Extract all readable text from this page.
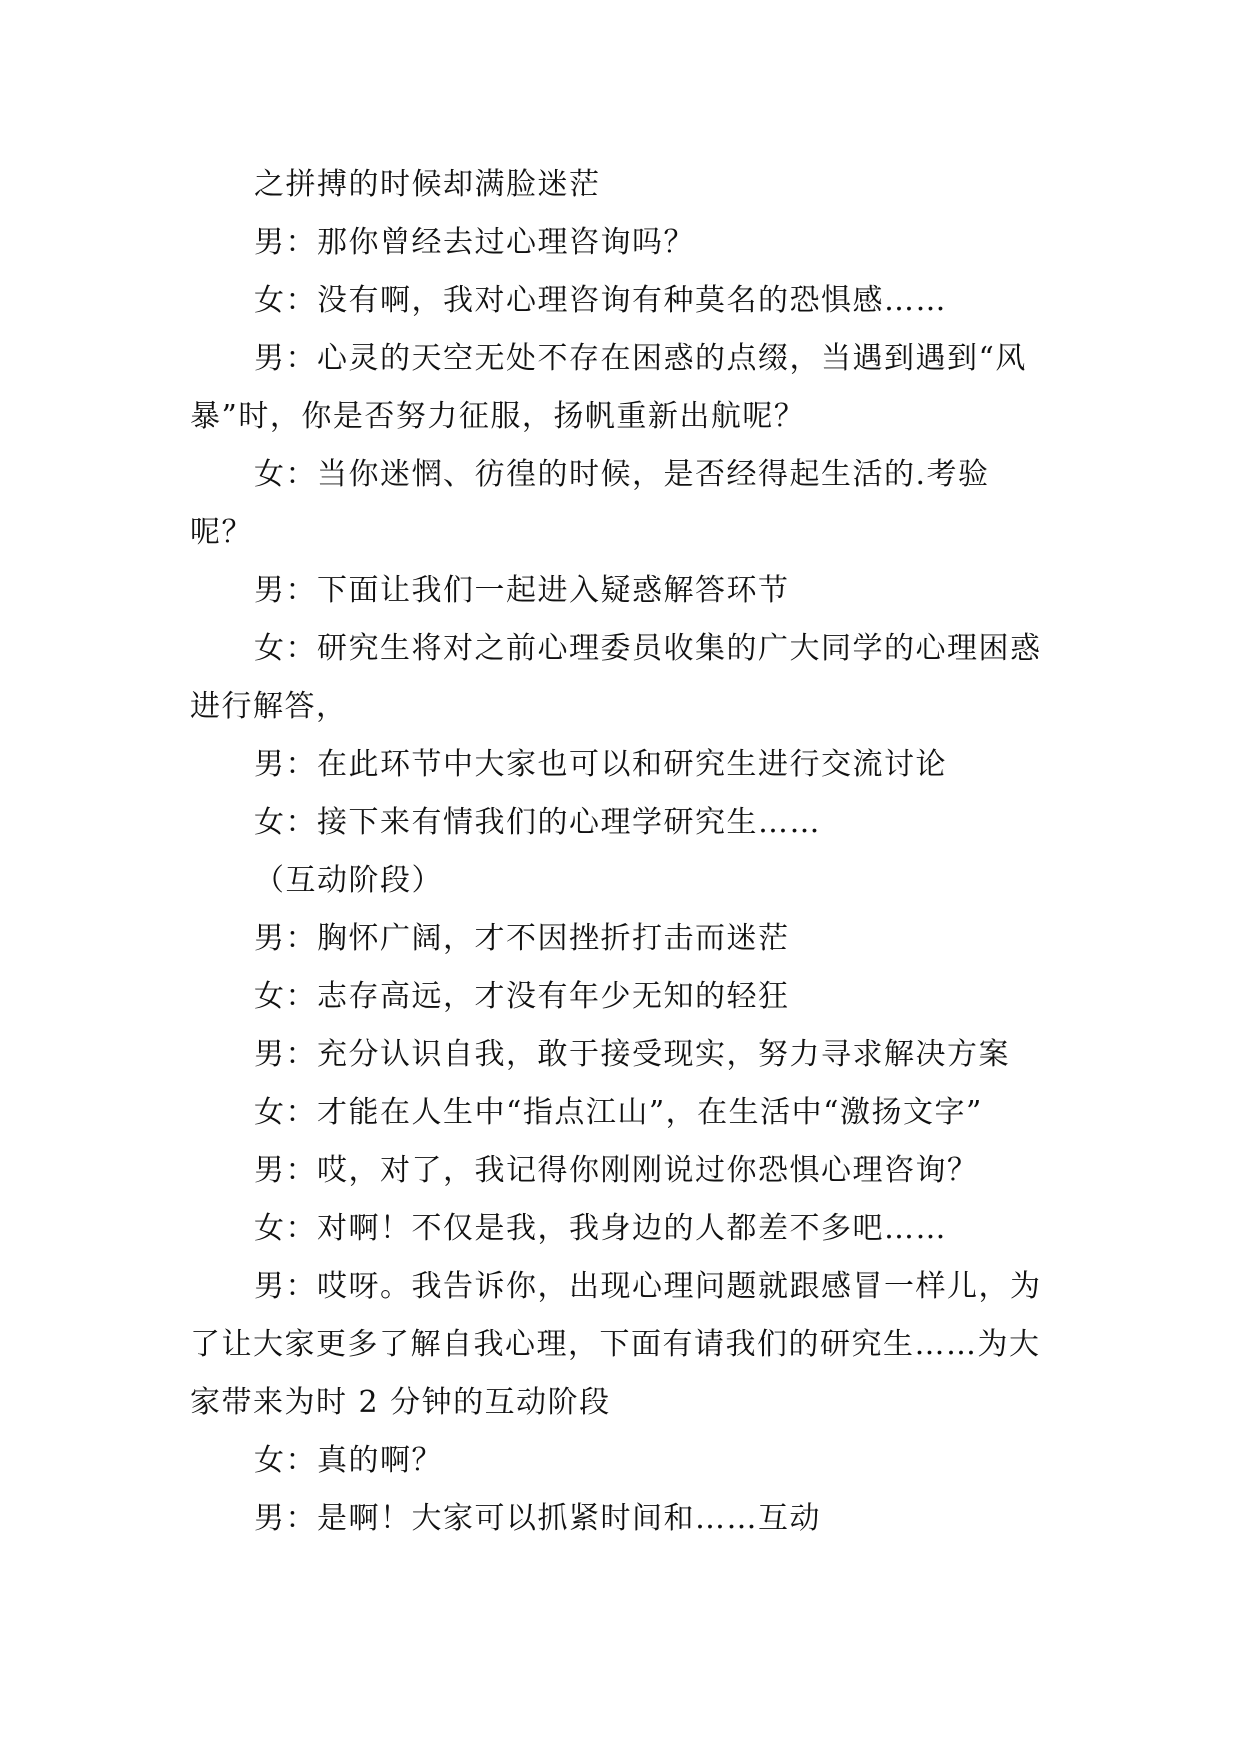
之拼搏的时候却满脸迷茫
男：那你曾经去过心理咨询吗？
女：没有啊，我对心理咨询有种莫名的恐惧感……
男：心灵的天空无处不存在困惑的点缀，当遇到遇到“风暴”时，你是否努力征服，扬帆重新出航呢？
女：当你迷惘、彷徨的时候，是否经得起生活的.考验呢？
男：下面让我们一起进入疑惑解答环节
女：研究生将对之前心理委员收集的广大同学的心理困惑进行解答，
男：在此环节中大家也可以和研究生进行交流讨论
女：接下来有情我们的心理学研究生……
（互动阶段）
男：胸怀广阔，才不因挫折打击而迷茫
女：志存高远，才没有年少无知的轻狂
男：充分认识自我，敢于接受现实，努力寻求解决方案
女：才能在人生中“指点江山”，在生活中“激扬文字”
男：哎，对了，我记得你刚刚说过你恐惧心理咨询？
女：对啊！不仅是我，我身边的人都差不多吧……
男：哎呀。我告诉你，出现心理问题就跟感冒一样儿，为了让大家更多了解自我心理，下面有请我们的研究生……为大家带来为时 2 分钟的互动阶段
女：真的啊？
男：是啊！大家可以抓紧时间和……互动
